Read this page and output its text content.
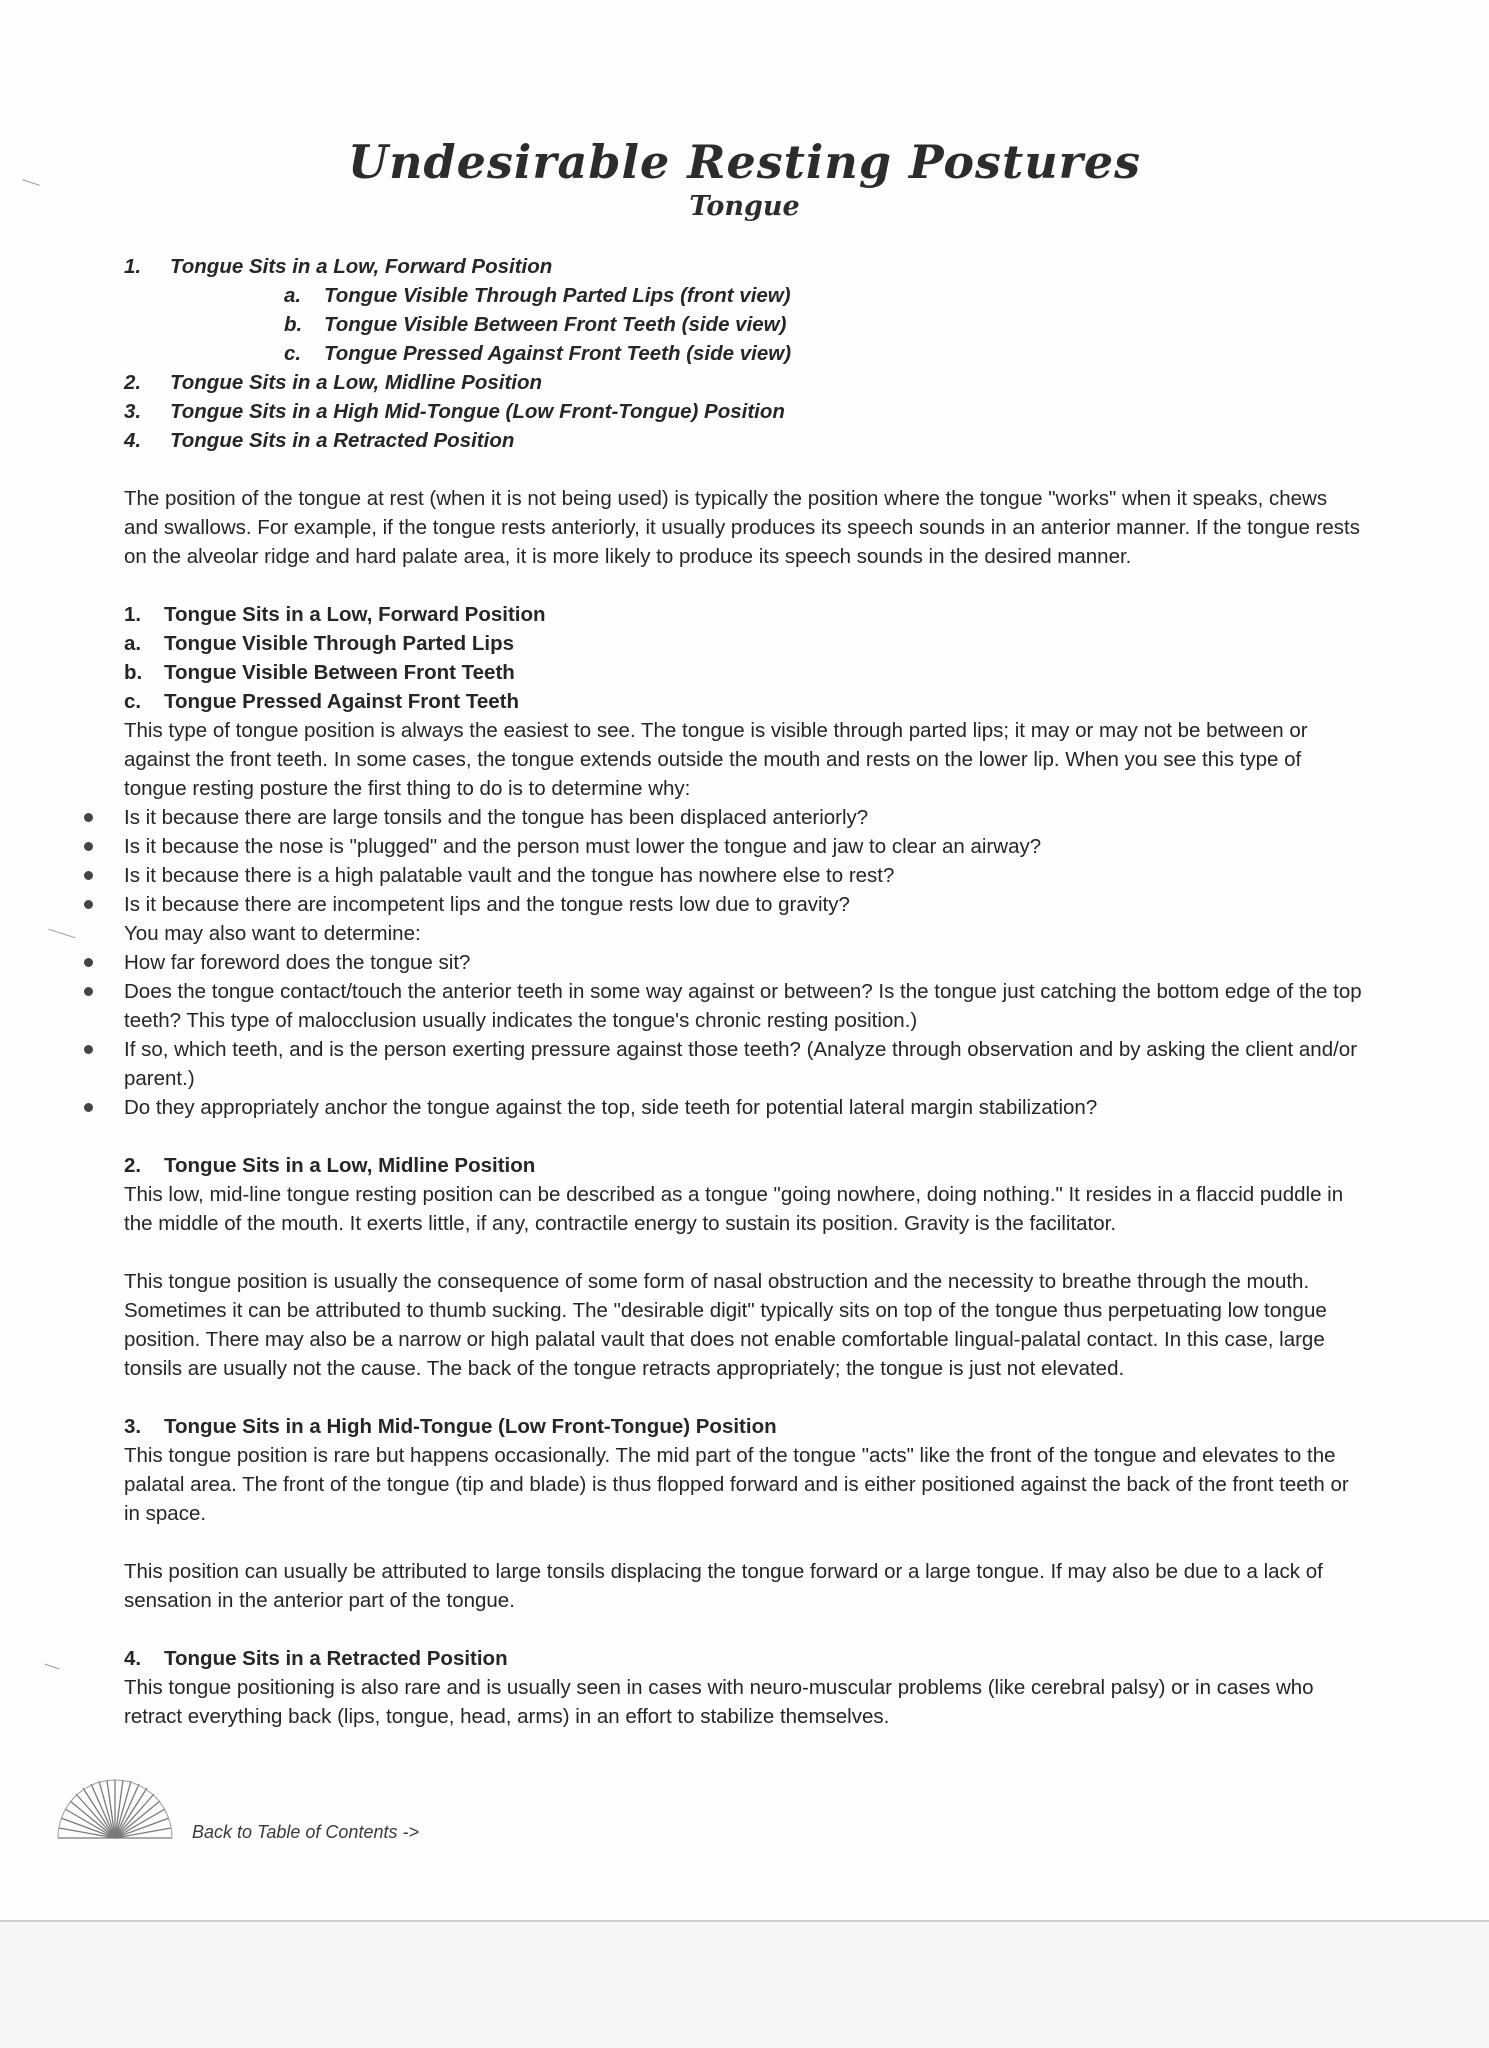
Undesirable Resting Postures
Tongue
1. Tongue Sits in a Low, Forward Position
a. Tongue Visible Through Parted Lips (front view)
b. Tongue Visible Between Front Teeth (side view)
c. Tongue Pressed Against Front Teeth (side view)
2. Tongue Sits in a Low, Midline Position
3. Tongue Sits in a High Mid-Tongue (Low Front-Tongue) Position
4. Tongue Sits in a Retracted Position

The position of the tongue at rest (when it is not being used) is typically the position where the tongue "works" when it speaks, chews and swallows. For example, if the tongue rests anteriorly, it usually produces its speech sounds in an anterior manner. If the tongue rests on the alveolar ridge and hard palate area, it is more likely to produce its speech sounds in the desired manner.

1. Tongue Sits in a Low, Forward Position
a. Tongue Visible Through Parted Lips
b. Tongue Visible Between Front Teeth
c. Tongue Pressed Against Front Teeth

This type of tongue position is always the easiest to see. The tongue is visible through parted lips; it may or may not be between or against the front teeth. In some cases, the tongue extends outside the mouth and rests on the lower lip. When you see this type of tongue resting posture the first thing to do is to determine why:

Is it because there are large tonsils and the tongue has been displaced anteriorly?
Is it because the nose is "plugged" and the person must lower the tongue and jaw to clear an airway?
Is it because there is a high palatable vault and the tongue has nowhere else to rest?
Is it because there are incompetent lips and the tongue rests low due to gravity?

You may also want to determine:

How far foreword does the tongue sit?
Does the tongue contact/touch the anterior teeth in some way against or between? Is the tongue just catching the bottom edge of the top teeth? This type of malocclusion usually indicates the tongue's chronic resting position.)
If so, which teeth, and is the person exerting pressure against those teeth? (Analyze through observation and by asking the client and/or parent.)
Do they appropriately anchor the tongue against the top, side teeth for potential lateral margin stabilization?
2. Tongue Sits in a Low, Midline Position

This low, mid-line tongue resting position can be described as a tongue "going nowhere, doing nothing." It resides in a flaccid puddle in the middle of the mouth. It exerts little, if any, contractile energy to sustain its position. Gravity is the facilitator.

This tongue position is usually the consequence of some form of nasal obstruction and the necessity to breathe through the mouth. Sometimes it can be attributed to thumb sucking. The "desirable digit" typically sits on top of the tongue thus perpetuating low tongue position. There may also be a narrow or high palatal vault that does not enable comfortable lingual-palatal contact. In this case, large tonsils are usually not the cause. The back of the tongue retracts appropriately; the tongue is just not elevated.

3. Tongue Sits in a High Mid-Tongue (Low Front-Tongue) Position

This tongue position is rare but happens occasionally. The mid part of the tongue "acts" like the front of the tongue and elevates to the palatal area. The front of the tongue (tip and blade) is thus flopped forward and is either positioned against the back of the front teeth or in space.

This position can usually be attributed to large tonsils displacing the tongue forward or a large tongue. If may also be due to a lack of sensation in the anterior part of the tongue.

4. Tongue Sits in a Retracted Position

This tongue positioning is also rare and is usually seen in cases with neuro-muscular problems (like cerebral palsy) or in cases who retract everything back (lips, tongue, head, arms) in an effort to stabilize themselves.

Back to Table of Contents ->
